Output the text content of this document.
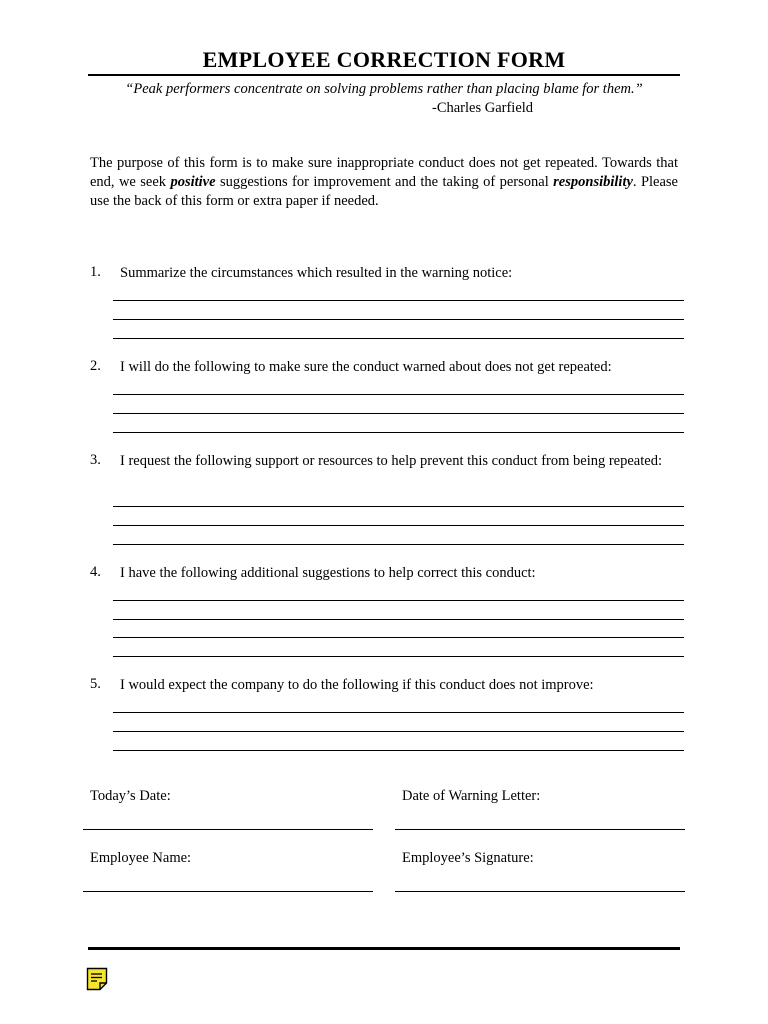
EMPLOYEE CORRECTION FORM
“Peak performers concentrate on solving problems rather than placing blame for them.”
-Charles Garfield
The purpose of this form is to make sure inappropriate conduct does not get repeated. Towards that end, we seek positive suggestions for improvement and the taking of personal responsibility. Please use the back of this form or extra paper if needed.
1. Summarize the circumstances which resulted in the warning notice:
2. I will do the following to make sure the conduct warned about does not get repeated:
3. I request the following support or resources to help prevent this conduct from being repeated:
4. I have the following additional suggestions to help correct this conduct:
5. I would expect the company to do the following if this conduct does not improve:
Today’s Date:	Date of Warning Letter:
Employee Name:	Employee’s Signature:
